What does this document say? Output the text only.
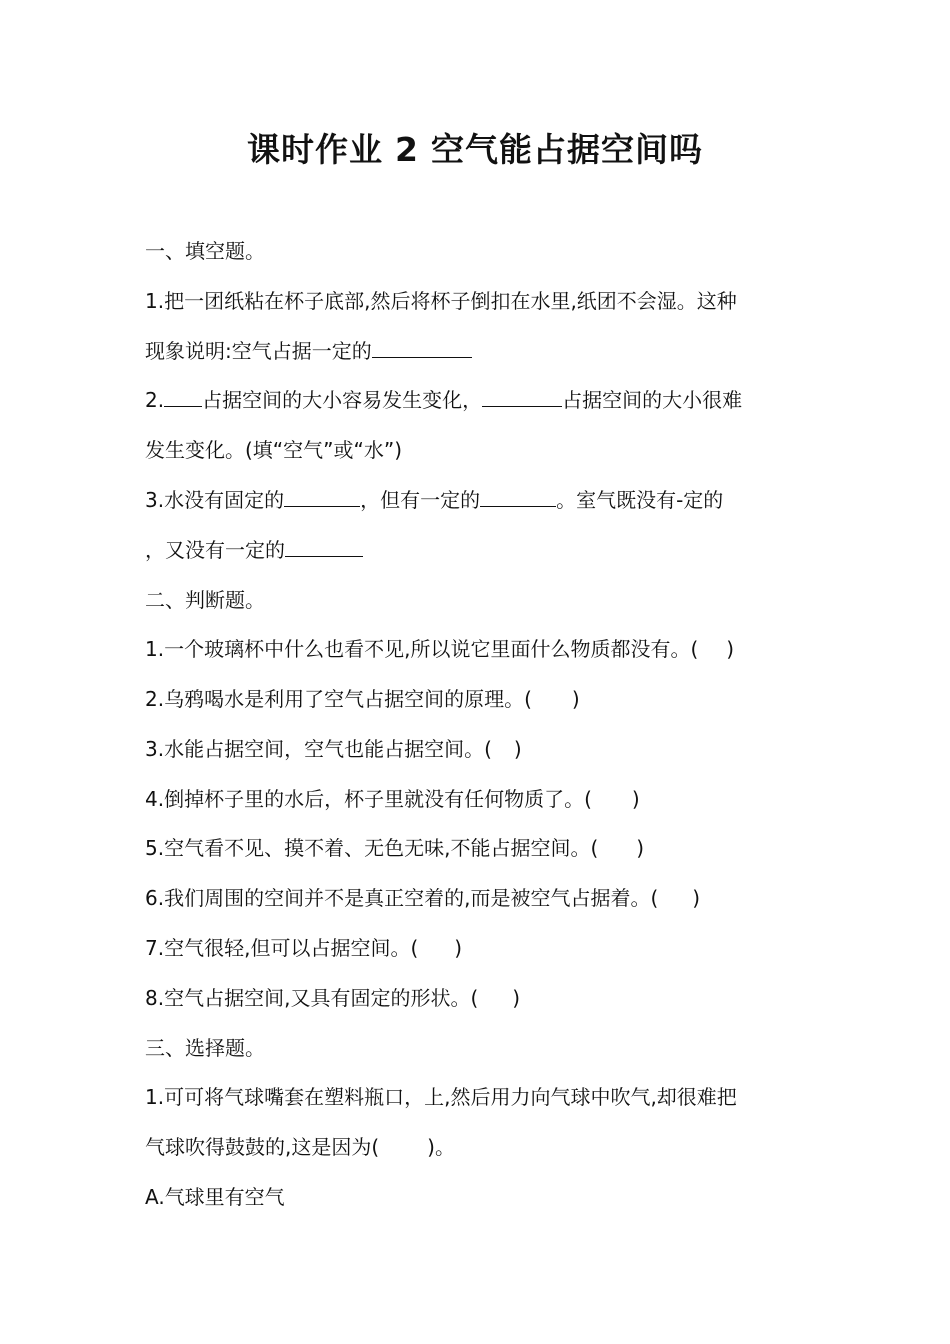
课时作业 2 空气能占据空间吗
一、填空题。
1.把一团纸粘在杯子底部,然后将杯子倒扣在水里,纸团不会湿。这种
现象说明:空气占据一定的
2. 占据空间的大小容易发生变化，	占据空间的大小很难
发生变化。(填“空气”或“水”)
3.水没有固定的	，但有一定的	。室气既没有-定的
，又没有一定的
二、判断题。
1.一个玻璃杯中什么也看不见,所以说它里面什么物质都没有。( )
2.乌鸦喝水是利用了空气占据空间的原理。( )
3.水能占据空间，空气也能占据空间。( )
4.倒掉杯子里的水后，杯子里就没有任何物质了。( )
5.空气看不见、摸不着、无色无味,不能占据空间。( )
6.我们周围的空间并不是真正空着的,而是被空气占据着。( )
7.空气很轻,但可以占据空间。( )
8.空气占据空间,又具有固定的形状。( )
三、选择题。
1.可可将气球嘴套在塑料瓶口，上,然后用力向气球中吹气,却很难把
气球吹得鼓鼓的,这是因为( )。
A.气球里有空气
